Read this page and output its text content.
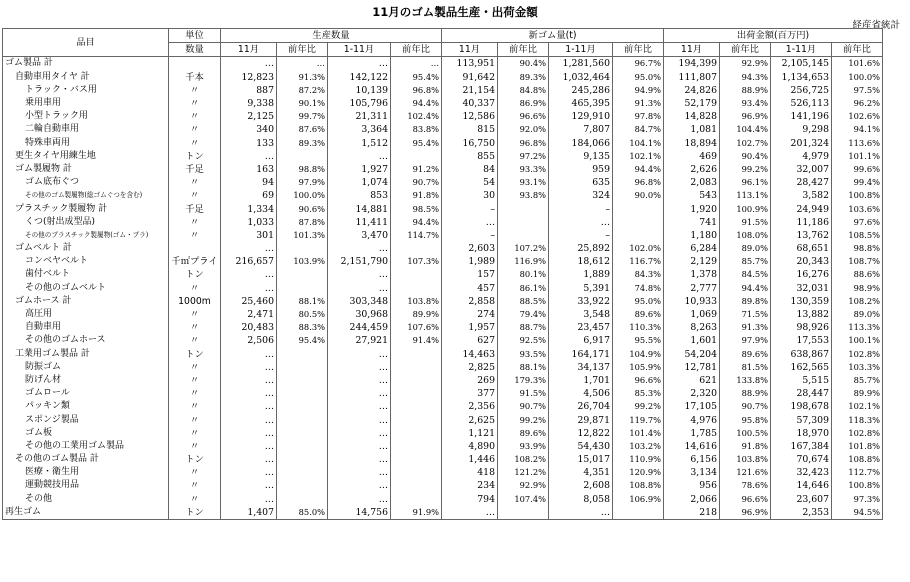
11月のゴム製品生産・出荷金額
経産省統計
品目	単位	生産数量				新ゴム量(t)				出荷金額(百万円)			
	数量	11月	前年比	1-11月	前年比	11月	前年比	1-11月	前年比	11月	前年比	1-11月	前年比
ゴム製品 計		…	…	…	…	113,951	90.4%	1,281,560	96.7%	194,399	92.9%	2,105,145	101.6%
自動車用タイヤ 計	千本	12,823	91.3%	142,122	95.4%	91,642	89.3%	1,032,464	95.0%	111,807	94.3%	1,134,653	100.0%
トラック・バス用	〃	887	87.2%	10,139	96.8%	21,154	84.8%	245,286	94.9%	24,826	88.9%	256,725	97.5%
乗用車用	〃	9,338	90.1%	105,796	94.4%	40,337	86.9%	465,395	91.3%	52,179	93.4%	526,113	96.2%
小型トラック用	〃	2,125	99.7%	21,311	102.4%	12,586	96.6%	129,910	97.8%	14,828	96.9%	141,196	102.6%
二輪自動車用	〃	340	87.6%	3,364	83.8%	815	92.0%	7,807	84.7%	1,081	104.4%	9,298	94.1%
特殊車両用	〃	133	89.3%	1,512	95.4%	16,750	96.8%	184,066	104.1%	18,894	102.7%	201,324	113.6%
更生タイヤ用練生地	トン	…		…		855	97.2%	9,135	102.1%	469	90.4%	4,979	101.1%
ゴム製履物 計	千足	163	98.8%	1,927	91.2%	84	93.3%	959	94.4%	2,626	99.2%	32,007	99.6%
ゴム底布ぐつ	〃	94	97.9%	1,074	90.7%	54	93.1%	635	96.8%	2,083	96.1%	28,427	99.4%
その他のゴム製履物(総ゴムぐつを含む)	〃	69	100.0%	853	91.8%	30	93.8%	324	90.0%	543	113.1%	3,582	100.8%
プラスチック製履物 計	千足	1,334	90.6%	14,881	98.5%	–		–		1,920	100.9%	24,949	103.6%
くつ(射出成型品)	〃	1,033	87.8%	11,411	94.4%	…		…		741	91.5%	11,186	97.6%
その他のプラスチック製履物(ゴム・プラ)	〃	301	101.3%	3,470	114.7%	–		–		1,180	108.0%	13,762	108.5%
ゴムベルト 計		…		…		2,603	107.2%	25,892	102.0%	6,284	89.0%	68,651	98.8%
コンベヤベルト	千㎡プライ	216,657	103.9%	2,151,790	107.3%	1,989	116.9%	18,612	116.7%	2,129	85.7%	20,343	108.7%
歯付ベルト	トン	…		…		157	80.1%	1,889	84.3%	1,378	84.5%	16,276	88.6%
その他のゴムベルト	〃	…		…		457	86.1%	5,391	74.8%	2,777	94.4%	32,031	98.9%
ゴムホース 計	1000m	25,460	88.1%	303,348	103.8%	2,858	88.5%	33,922	95.0%	10,933	89.8%	130,359	108.2%
高圧用	〃	2,471	80.5%	30,968	89.9%	274	79.4%	3,548	89.6%	1,069	71.5%	13,882	89.0%
自動車用	〃	20,483	88.3%	244,459	107.6%	1,957	88.7%	23,457	110.3%	8,263	91.3%	98,926	113.3%
その他のゴムホース	〃	2,506	95.4%	27,921	91.4%	627	92.5%	6,917	95.5%	1,601	97.9%	17,553	100.1%
工業用ゴム製品 計	トン	…		…		14,463	93.5%	164,171	104.9%	54,204	89.6%	638,867	102.8%
防振ゴム	〃	…		…		2,825	88.1%	34,137	105.9%	12,781	81.5%	162,565	103.3%
防げん材	〃	…		…		269	179.3%	1,701	96.6%	621	133.8%	5,515	85.7%
ゴムロール	〃	…		…		377	91.5%	4,506	85.3%	2,320	88.9%	28,447	89.9%
パッキン類	〃	…		…		2,356	90.7%	26,704	99.2%	17,105	90.7%	198,678	102.1%
スポンジ製品	〃	…		…		2,625	99.2%	29,871	119.7%	4,976	95.8%	57,309	118.3%
ゴム板	〃	…		…		1,121	89.6%	12,822	101.4%	1,785	100.5%	18,970	102.8%
その他の工業用ゴム製品	〃	…		…		4,890	93.9%	54,430	103.2%	14,616	91.8%	167,384	101.8%
その他のゴム製品 計	トン	…		…		1,446	108.2%	15,017	110.9%	6,156	103.8%	70,674	108.8%
医療・衛生用	〃	…		…		418	121.2%	4,351	120.9%	3,134	121.6%	32,423	112.7%
運動競技用品	〃	…		…		234	92.9%	2,608	108.8%	956	78.6%	14,646	100.8%
その他	〃	…		…		794	107.4%	8,058	106.9%	2,066	96.6%	23,607	97.3%
再生ゴム	トン	1,407	85.0%	14,756	91.9%	…		…		218	96.9%	2,353	94.5%
